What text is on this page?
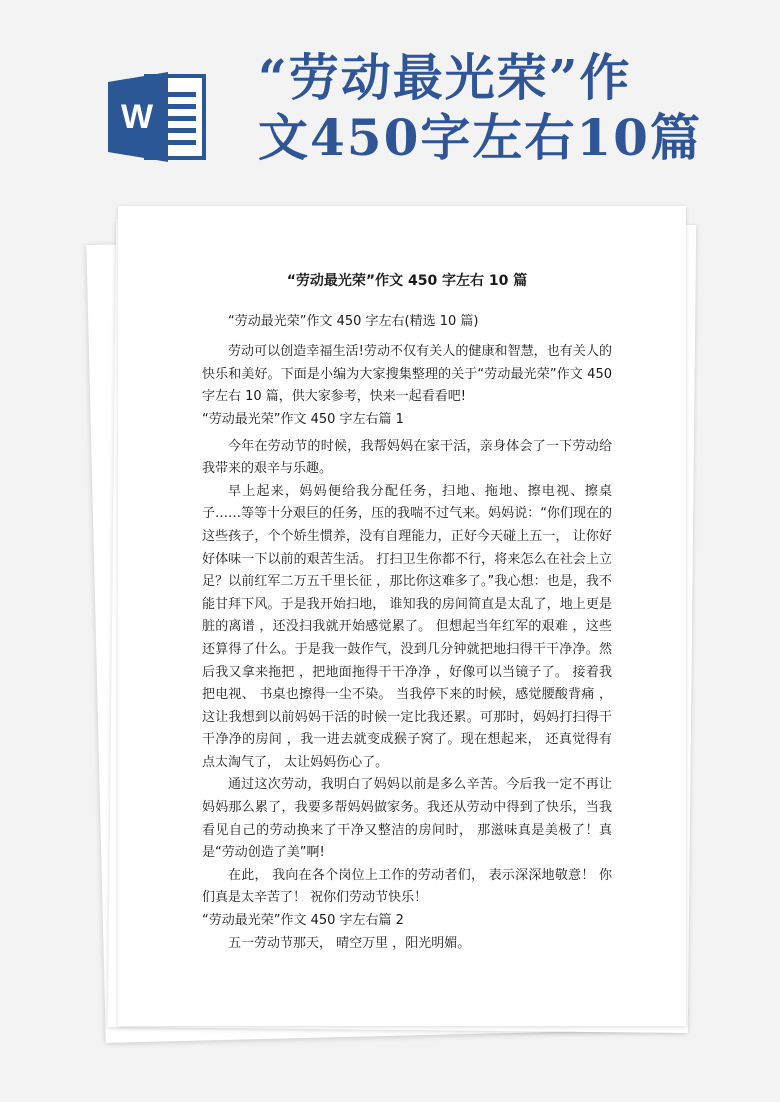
W
“劳动最光荣”作
文450字左右10篇
“劳动最光荣”作文 450 字左右 10 篇

“劳动最光荣”作文 450 字左右(精选 10 篇)

劳动可以创造幸福生活!劳动不仅有关人的健康和智慧，也有关人的快乐和美好。下面是小编为大家搜集整理的关于“劳动最光荣”作文 450 字左右 10 篇，供大家参考，快来一起看看吧!

“劳动最光荣”作文 450 字左右篇 1

今年在劳动节的时候，我帮妈妈在家干活，亲身体会了一下劳动给我带来的艰辛与乐趣。

早上起来，妈妈便给我分配任务，扫地、拖地、擦电视、擦桌子……等等十分艰巨的任务，压的我喘不过气来。妈妈说：“你们现在的这些孩子，个个娇生惯养，没有自理能力，正好今天碰上五一， 让你好好体味一下以前的艰苦生活。 打扫卫生你都不行，将来怎么在社会上立足？以前红军二万五千里长征 ，那比你这难多了。”我心想：也是，我不能甘拜下风。于是我开始扫地， 谁知我的房间简直是太乱了，地上更是脏的离谱 ，还没扫我就开始感觉累了。 但想起当年红军的艰难 ，这些还算得了什么。于是我一鼓作气，没到几分钟就把地扫得干干净净。然后我又拿来拖把 ，把地面拖得干干净净 ，好像可以当镜子了。 接着我把电视、 书桌也擦得一尘不染。 当我停下来的时候，感觉腰酸背痛 ，这让我想到以前妈妈干活的时候一定比我还累。可那时，妈妈打扫得干干净净的房间 ，我一进去就变成猴子窝了。现在想起来， 还真觉得有点太淘气了， 太让妈妈伤心了。

通过这次劳动，我明白了妈妈以前是多么辛苦。今后我一定不再让妈妈那么累了，我要多帮妈妈做家务。我还从劳动中得到了快乐，当我看见自己的劳动换来了干净又整洁的房间时， 那滋味真是美极了！真是“劳动创造了美”啊!

在此， 我向在各个岗位上工作的劳动者们， 表示深深地敬意！ 你们真是太辛苦了！ 祝你们劳动节快乐！

“劳动最光荣”作文 450 字左右篇 2

五一劳动节那天， 晴空万里 ，阳光明媚。
